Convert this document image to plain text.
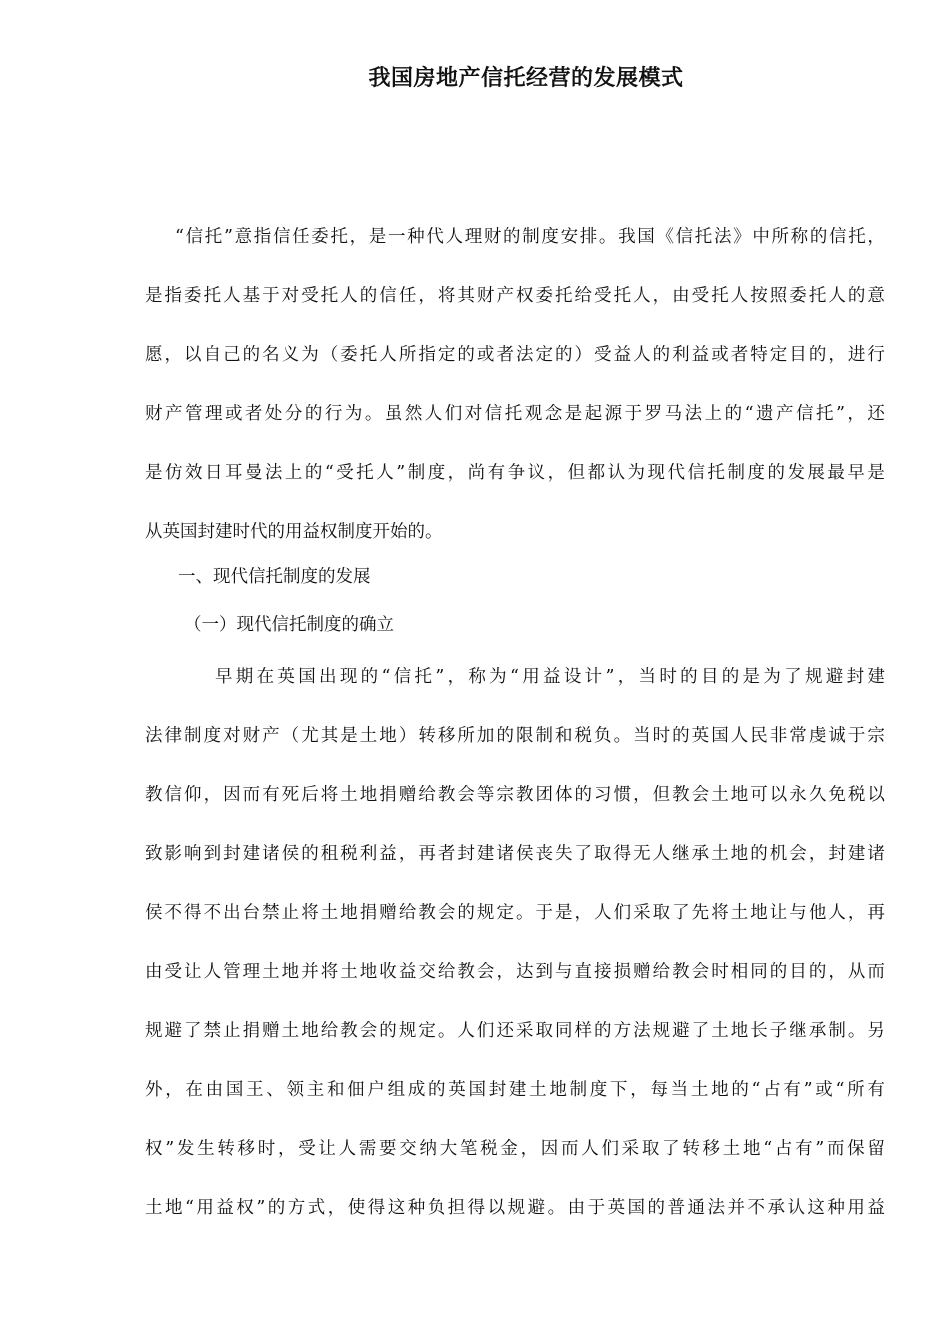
我国房地产信托经营的发展模式
“信托”意指信任委托，是一种代人理财的制度安排。我国《信托法》中所称的信托，
是指委托人基于对受托人的信任，将其财产权委托给受托人，由受托人按照委托人的意
愿，以自己的名义为（委托人所指定的或者法定的）受益人的利益或者特定目的，进行
财产管理或者处分的行为。虽然人们对信托观念是起源于罗马法上的“遗产信托”，还
是仿效日耳曼法上的“受托人”制度，尚有争议，但都认为现代信托制度的发展最早是
从英国封建时代的用益权制度开始的。
一、现代信托制度的发展
（一）现代信托制度的确立
早期在英国出现的“信托”，称为“用益设计”，当时的目的是为了规避封建
法律制度对财产（尤其是土地）转移所加的限制和税负。当时的英国人民非常虔诚于宗
教信仰，因而有死后将土地捐赠给教会等宗教团体的习惯，但教会土地可以永久免税以
致影响到封建诸侯的租税利益，再者封建诸侯丧失了取得无人继承土地的机会，封建诸
侯不得不出台禁止将土地捐赠给教会的规定。于是，人们采取了先将土地让与他人，再
由受让人管理土地并将土地收益交给教会，达到与直接损赠给教会时相同的目的，从而
规避了禁止捐赠土地给教会的规定。人们还采取同样的方法规避了土地长子继承制。另
外，在由国王、领主和佃户组成的英国封建土地制度下，每当土地的“占有”或“所有
权”发生转移时，受让人需要交纳大笔税金，因而人们采取了转移土地“占有”而保留
土地“用益权”的方式，使得这种负担得以规避。由于英国的普通法并不承认这种用益
